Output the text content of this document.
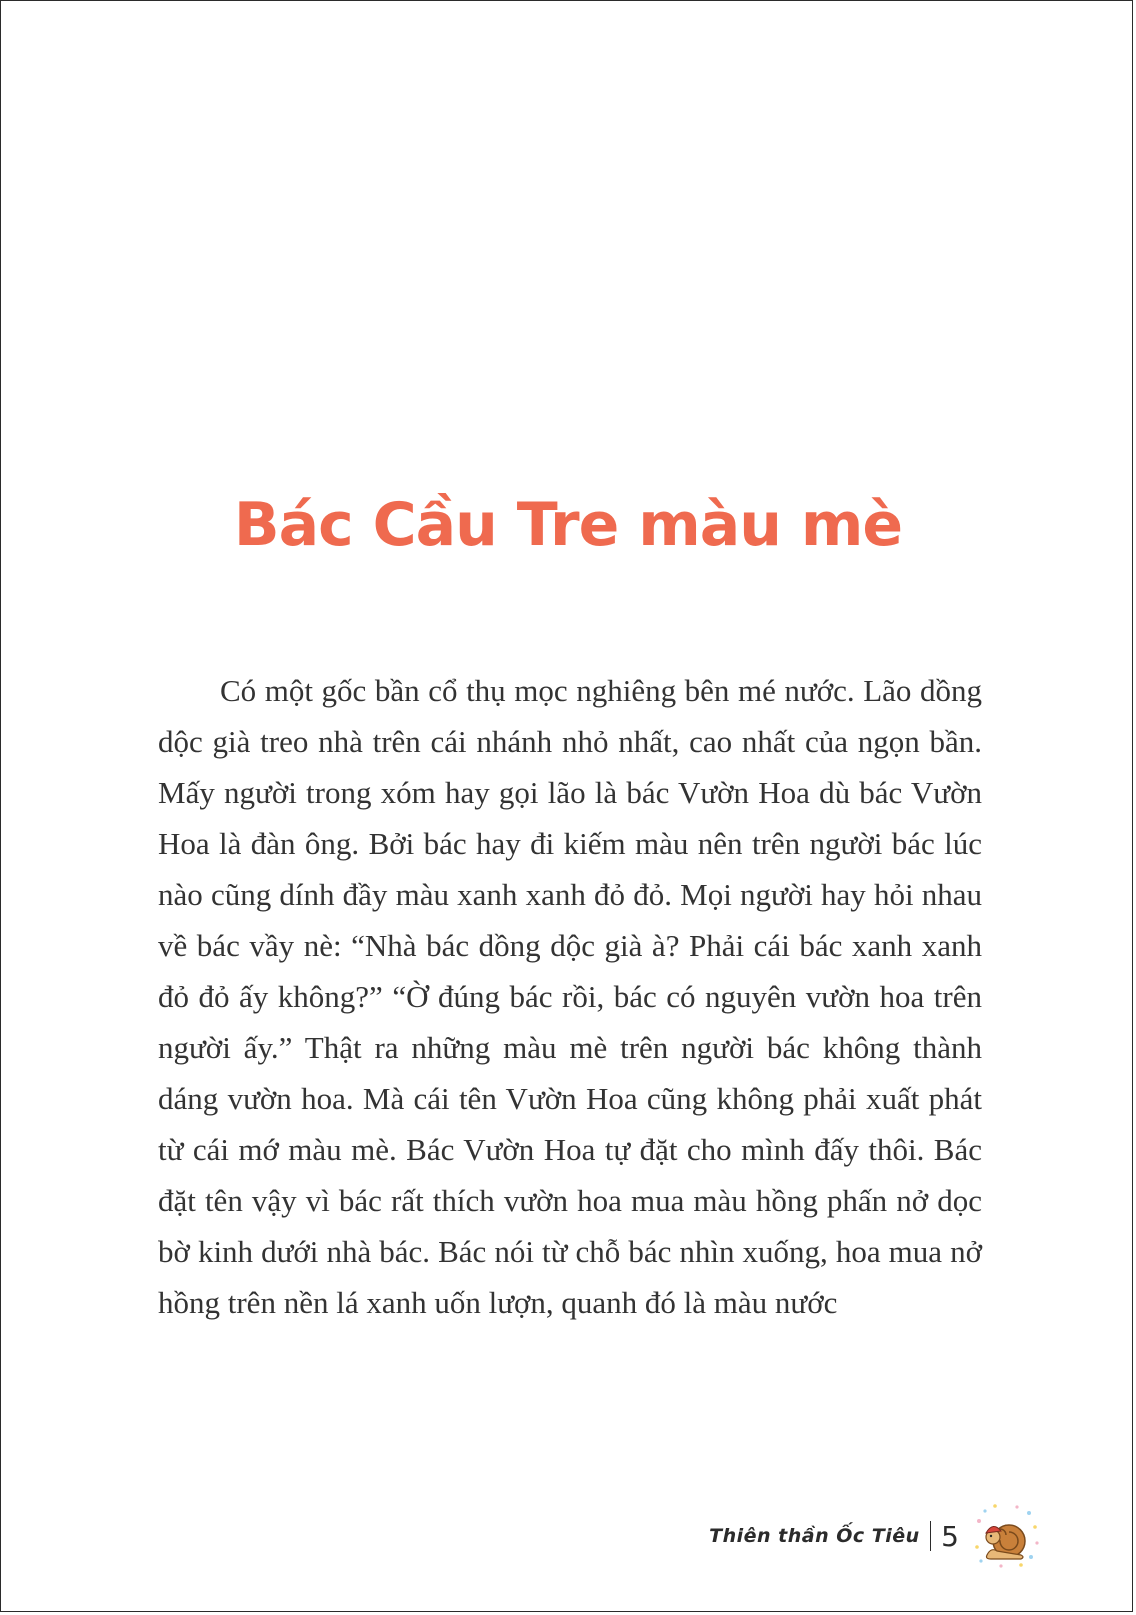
Bác Cầu Tre màu mè

Có một gốc bần cổ thụ mọc nghiêng bên mé nước. Lão dồng dộc già treo nhà trên cái nhánh nhỏ nhất, cao nhất của ngọn bần. Mấy người trong xóm hay gọi lão là bác Vườn Hoa dù bác Vườn Hoa là đàn ông. Bởi bác hay đi kiếm màu nên trên người bác lúc nào cũng dính đầy màu xanh xanh đỏ đỏ. Mọi người hay hỏi nhau về bác vầy nè: “Nhà bác dồng dộc già à? Phải cái bác xanh xanh đỏ đỏ ấy không?” “Ờ đúng bác rồi, bác có nguyên vườn hoa trên người ấy.” Thật ra những màu mè trên người bác không thành dáng vườn hoa. Mà cái tên Vườn Hoa cũng không phải xuất phát từ cái mớ màu mè. Bác Vườn Hoa tự đặt cho mình đấy thôi. Bác đặt tên vậy vì bác rất thích vườn hoa mua màu hồng phấn nở dọc bờ kinh dưới nhà bác. Bác nói từ chỗ bác nhìn xuống, hoa mua nở hồng trên nền lá xanh uốn lượn, quanh đó là màu nước

Thiên thần Ốc Tiêu 5
